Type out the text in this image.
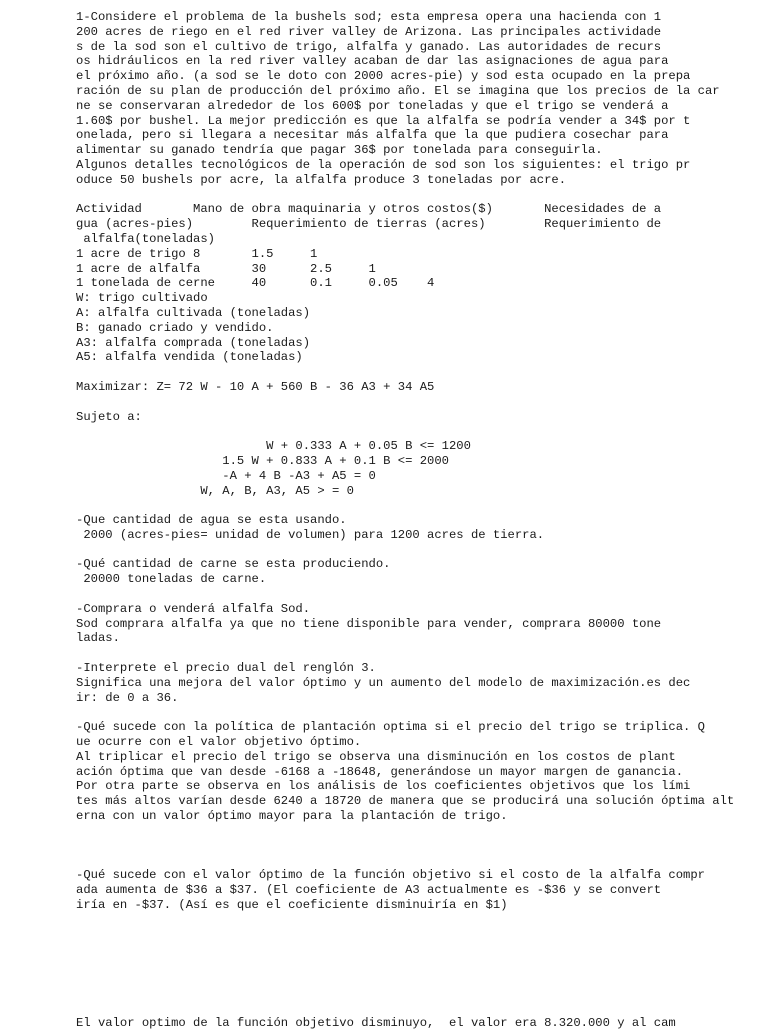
1-Considere el problema de la bushels sod; esta empresa opera una hacienda con 1
200 acres de riego en el red river valley de Arizona. Las principales actividade
s de la sod son el cultivo de trigo, alfalfa y ganado. Las autoridades de recurs
os hidráulicos en la red river valley acaban de dar las asignaciones de agua para
el próximo año. (a sod se le doto con 2000 acres-pie) y sod esta ocupado en la prepa
ración de su plan de producción del próximo año. El se imagina que los precios de la car
ne se conservaran alrededor de los 600$ por toneladas y que el trigo se venderá a
1.60$ por bushel. La mejor predicción es que la alfalfa se podría vender a 34$ por t
onelada, pero si llegara a necesitar más alfalfa que la que pudiera cosechar para
alimentar su ganado tendría que pagar 36$ por tonelada para conseguirla.
Algunos detalles tecnológicos de la operación de sod son los siguientes: el trigo pr
oduce 50 bushels por acre, la alfalfa produce 3 toneladas por acre.
Actividad       Mano de obra maquinaria y otros costos($)       Necesidades de a
gua (acres-pies)        Requerimiento de tierras (acres)        Requerimiento de
alfalfa(toneladas)
1 acre de trigo 8       1.5     1
1 acre de alfalfa       30      2.5     1
1 tonelada de cerne     40      0.1     0.05    4
W: trigo cultivado
A: alfalfa cultivada (toneladas)
B: ganado criado y vendido.
A3: alfalfa comprada (toneladas)
A5: alfalfa vendida (toneladas)
Maximizar: Z= 72 W - 10 A + 560 B - 36 A3 + 34 A5
Sujeto a:
W + 0.333 A + 0.05 B <= 1200
1.5 W + 0.833 A + 0.1 B <= 2000
-A + 4 B -A3 + A5 = 0
W, A, B, A3, A5 > = 0
-Que cantidad de agua se esta usando.
2000 (acres-pies= unidad de volumen) para 1200 acres de tierra.
-Qué cantidad de carne se esta produciendo.
20000 toneladas de carne.
-Comprara o venderá alfalfa Sod.
Sod comprara alfalfa ya que no tiene disponible para vender, comprara 80000 tone
ladas.
-Interprete el precio dual del renglón 3.
Significa una mejora del valor óptimo y un aumento del modelo de maximización.es dec
ir: de 0 a 36.
-Qué sucede con la política de plantación optima si el precio del trigo se triplica. Q
ue ocurre con el valor objetivo óptimo.
Al triplicar el precio del trigo se observa una disminución en los costos de plant
ación óptima que van desde -6168 a -18648, generándose un mayor margen de ganancia.
Por otra parte se observa en los análisis de los coeficientes objetivos que los lími
tes más altos varían desde 6240 a 18720 de manera que se producirá una solución óptima alt
erna con un valor óptimo mayor para la plantación de trigo.
-Qué sucede con el valor óptimo de la función objetivo si el costo de la alfalfa compr
ada aumenta de $36 a $37. (El coeficiente de A3 actualmente es -$36 y se convert
iría en -$37. (Así es que el coeficiente disminuiría en $1)
El valor optimo de la función objetivo disminuyo,  el valor era 8.320.000 y al cam
